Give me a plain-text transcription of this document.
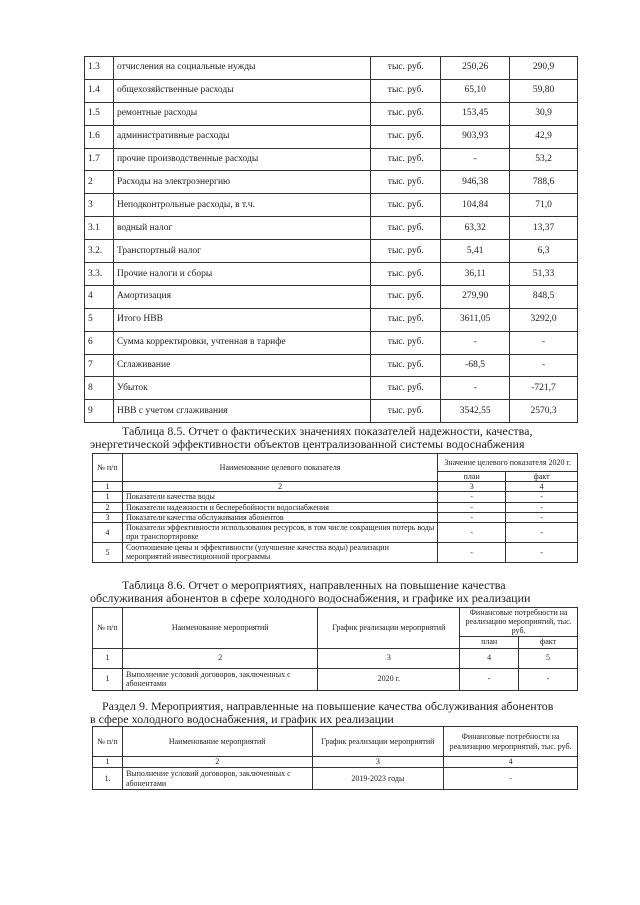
1.3	отчисления на социальные нужды	тыс. руб.	250,26	290,9
1.4	общехозяйственные расходы	тыс. руб.	65,10	59,80
1.5	ремонтные расходы	тыс. руб.	153,45	30,9
1.6	административные расходы	тыс. руб.	903,93	42,9
1.7	прочие производственные расходы	тыс. руб.	-	53,2
2	Расходы на электроэнергию	тыс. руб.	946,38	788,6
3	Неподконтрольные расходы, в т.ч.	тыс. руб.	104,84	71,0
3.1	водный налог	тыс. руб.	63,32	13,37
3.2.	Транспортный налог	тыс. руб.	5,41	6,3
3.3.	Прочие налоги и сборы	тыс. руб.	36,11	51,33
4	Амортизация	тыс. руб.	279,90	848,5
5	Итого НВВ	тыс. руб.	3611,05	3292,0
6	Сумма корректировки, учтенная в тарифе	тыс. руб.	-	-
7	Сглаживание	тыс. руб.	-68,5	-
8	Убыток	тыс. руб.	-	-721,7
9	НВВ с учетом сглаживания	тыс. руб.	3542,55	2570,3
Таблица 8.5. Отчет о фактических значениях показателей надежности, качества,
энергетической эффективности объектов централизованной системы водоснабжения
№ п/п	Наименование целевого показателя	Значение целевого показателя 2020 г.	
		план	факт
1	2	3	4
1	Показатели качества воды	-	-
2	Показатели надежности и бесперебойности водоснабжения	-	-
3	Показатели качества обслуживания абонентов	-	-
4	Показатели эффективности использования ресурсов, в том числе сокращения потерь воды при транспортировке	-	-
5	Соотношение цены и эффективности (улучшение качества воды) реализации мероприятий инвестиционной программы	-	-
Таблица 8.6. Отчет о мероприятиях, направленных на повышение качества
обслуживания абонентов в сфере холодного водоснабжения, и графике их реализации
№ п/п	Наименование мероприятий	График реализации мероприятий	Финансовые потребности на реализацию мероприятий, тыс. руб.	
			план	факт
1	2	3	4	5
1	Выполнение условий договоров, заключенных с абонентами	2020 г.	-	-
Раздел 9. Мероприятия, направленные на повышение качества обслуживания абонентов
в сфере холодного водоснабжения, и график их реализации
№ п/п	Наименование мероприятий	График реализации мероприятий	Финансовые потребности на реализацию мероприятий, тыс. руб.
1	2	3	4
1.	Выполнение условий договоров, заключенных с абонентами	2019-2023 годы	-
